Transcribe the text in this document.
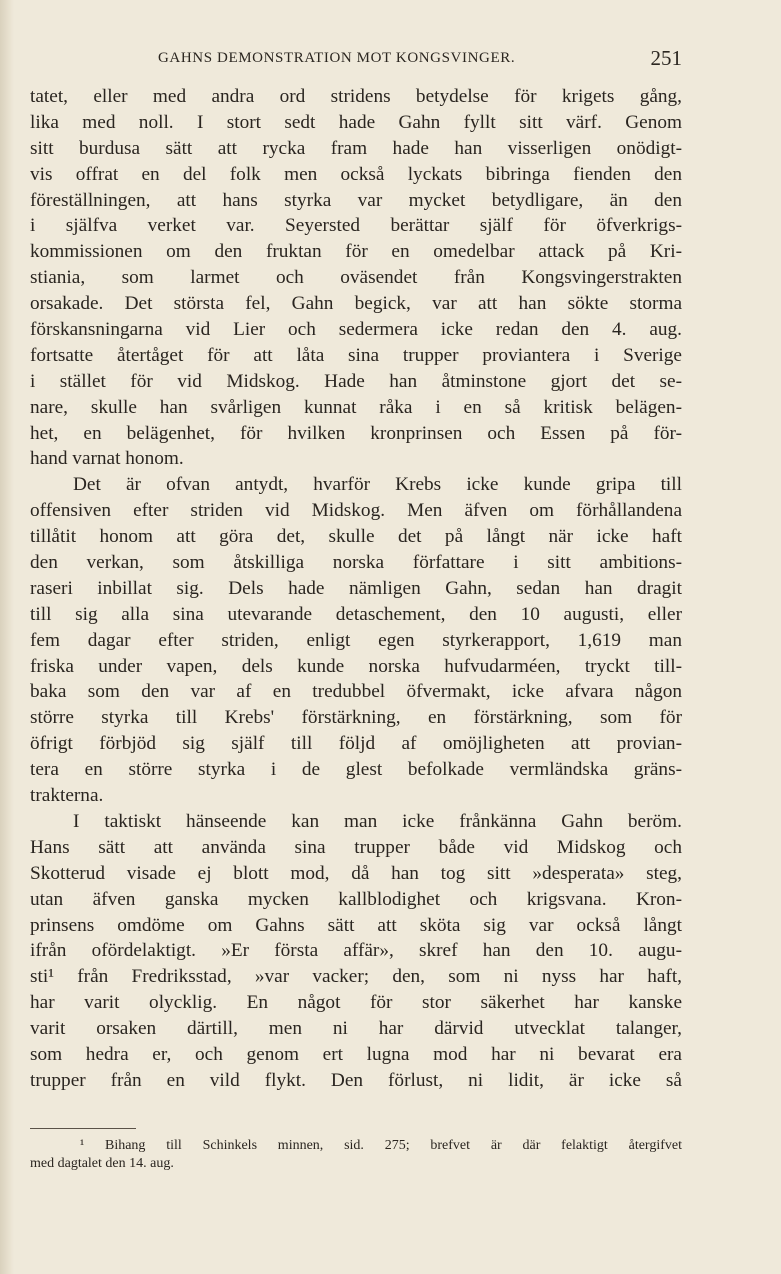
GAHNS DEMONSTRATION MOT KONGSVINGER.	251
tatet, eller med andra ord stridens betydelse för krigets gång,
lika med noll. I stort sedt hade Gahn fyllt sitt värf. Genom
sitt burdusa sätt att rycka fram hade han visserligen onödigt-
vis offrat en del folk men också lyckats bibringa fienden den
föreställningen, att hans styrka var mycket betydligare, än den
i själfva verket var. Seyersted berättar själf för öfverkrigs-
kommissionen om den fruktan för en omedelbar attack på Kri-
stiania, som larmet och oväsendet från Kongsvingerstrakten
orsakade. Det största fel, Gahn begick, var att han sökte storma
förskansningarna vid Lier och sedermera icke redan den 4. aug.
fortsatte återtåget för att låta sina trupper proviantera i Sverige
i stället för vid Midskog. Hade han åtminstone gjort det se-
nare, skulle han svårligen kunnat råka i en så kritisk belägen-
het, en belägenhet, för hvilken kronprinsen och Essen på för-
hand varnat honom.
Det är ofvan antydt, hvarför Krebs icke kunde gripa till
offensiven efter striden vid Midskog. Men äfven om förhållandena
tillåtit honom att göra det, skulle det på långt när icke haft
den verkan, som åtskilliga norska författare i sitt ambitions-
raseri inbillat sig. Dels hade nämligen Gahn, sedan han dragit
till sig alla sina utevarande detaschement, den 10 augusti, eller
fem dagar efter striden, enligt egen styrkerapport, 1,619 man
friska under vapen, dels kunde norska hufvudarméen, tryckt till-
baka som den var af en tredubbel öfvermakt, icke afvara någon
större styrka till Krebs' förstärkning, en förstärkning, som för
öfrigt förbjöd sig själf till följd af omöjligheten att provian-
tera en större styrka i de glest befolkade vermländska gräns-
trakterna.
I taktiskt hänseende kan man icke frånkänna Gahn beröm.
Hans sätt att använda sina trupper både vid Midskog och
Skotterud visade ej blott mod, då han tog sitt »desperata» steg,
utan äfven ganska mycken kallblodighet och krigsvana. Kron-
prinsens omdöme om Gahns sätt att sköta sig var också långt
ifrån ofördelaktigt. »Er första affär», skref han den 10. augu-
sti¹ från Fredriksstad, »var vacker; den, som ni nyss har haft,
har varit olycklig. En något för stor säkerhet har kanske
varit orsaken därtill, men ni har därvid utvecklat talanger,
som hedra er, och genom ert lugna mod har ni bevarat era
trupper från en vild flykt. Den förlust, ni lidit, är icke så
¹ Bihang till Schinkels minnen, sid. 275; brefvet är där felaktigt återgifvet
med dagtalet den 14. aug.
